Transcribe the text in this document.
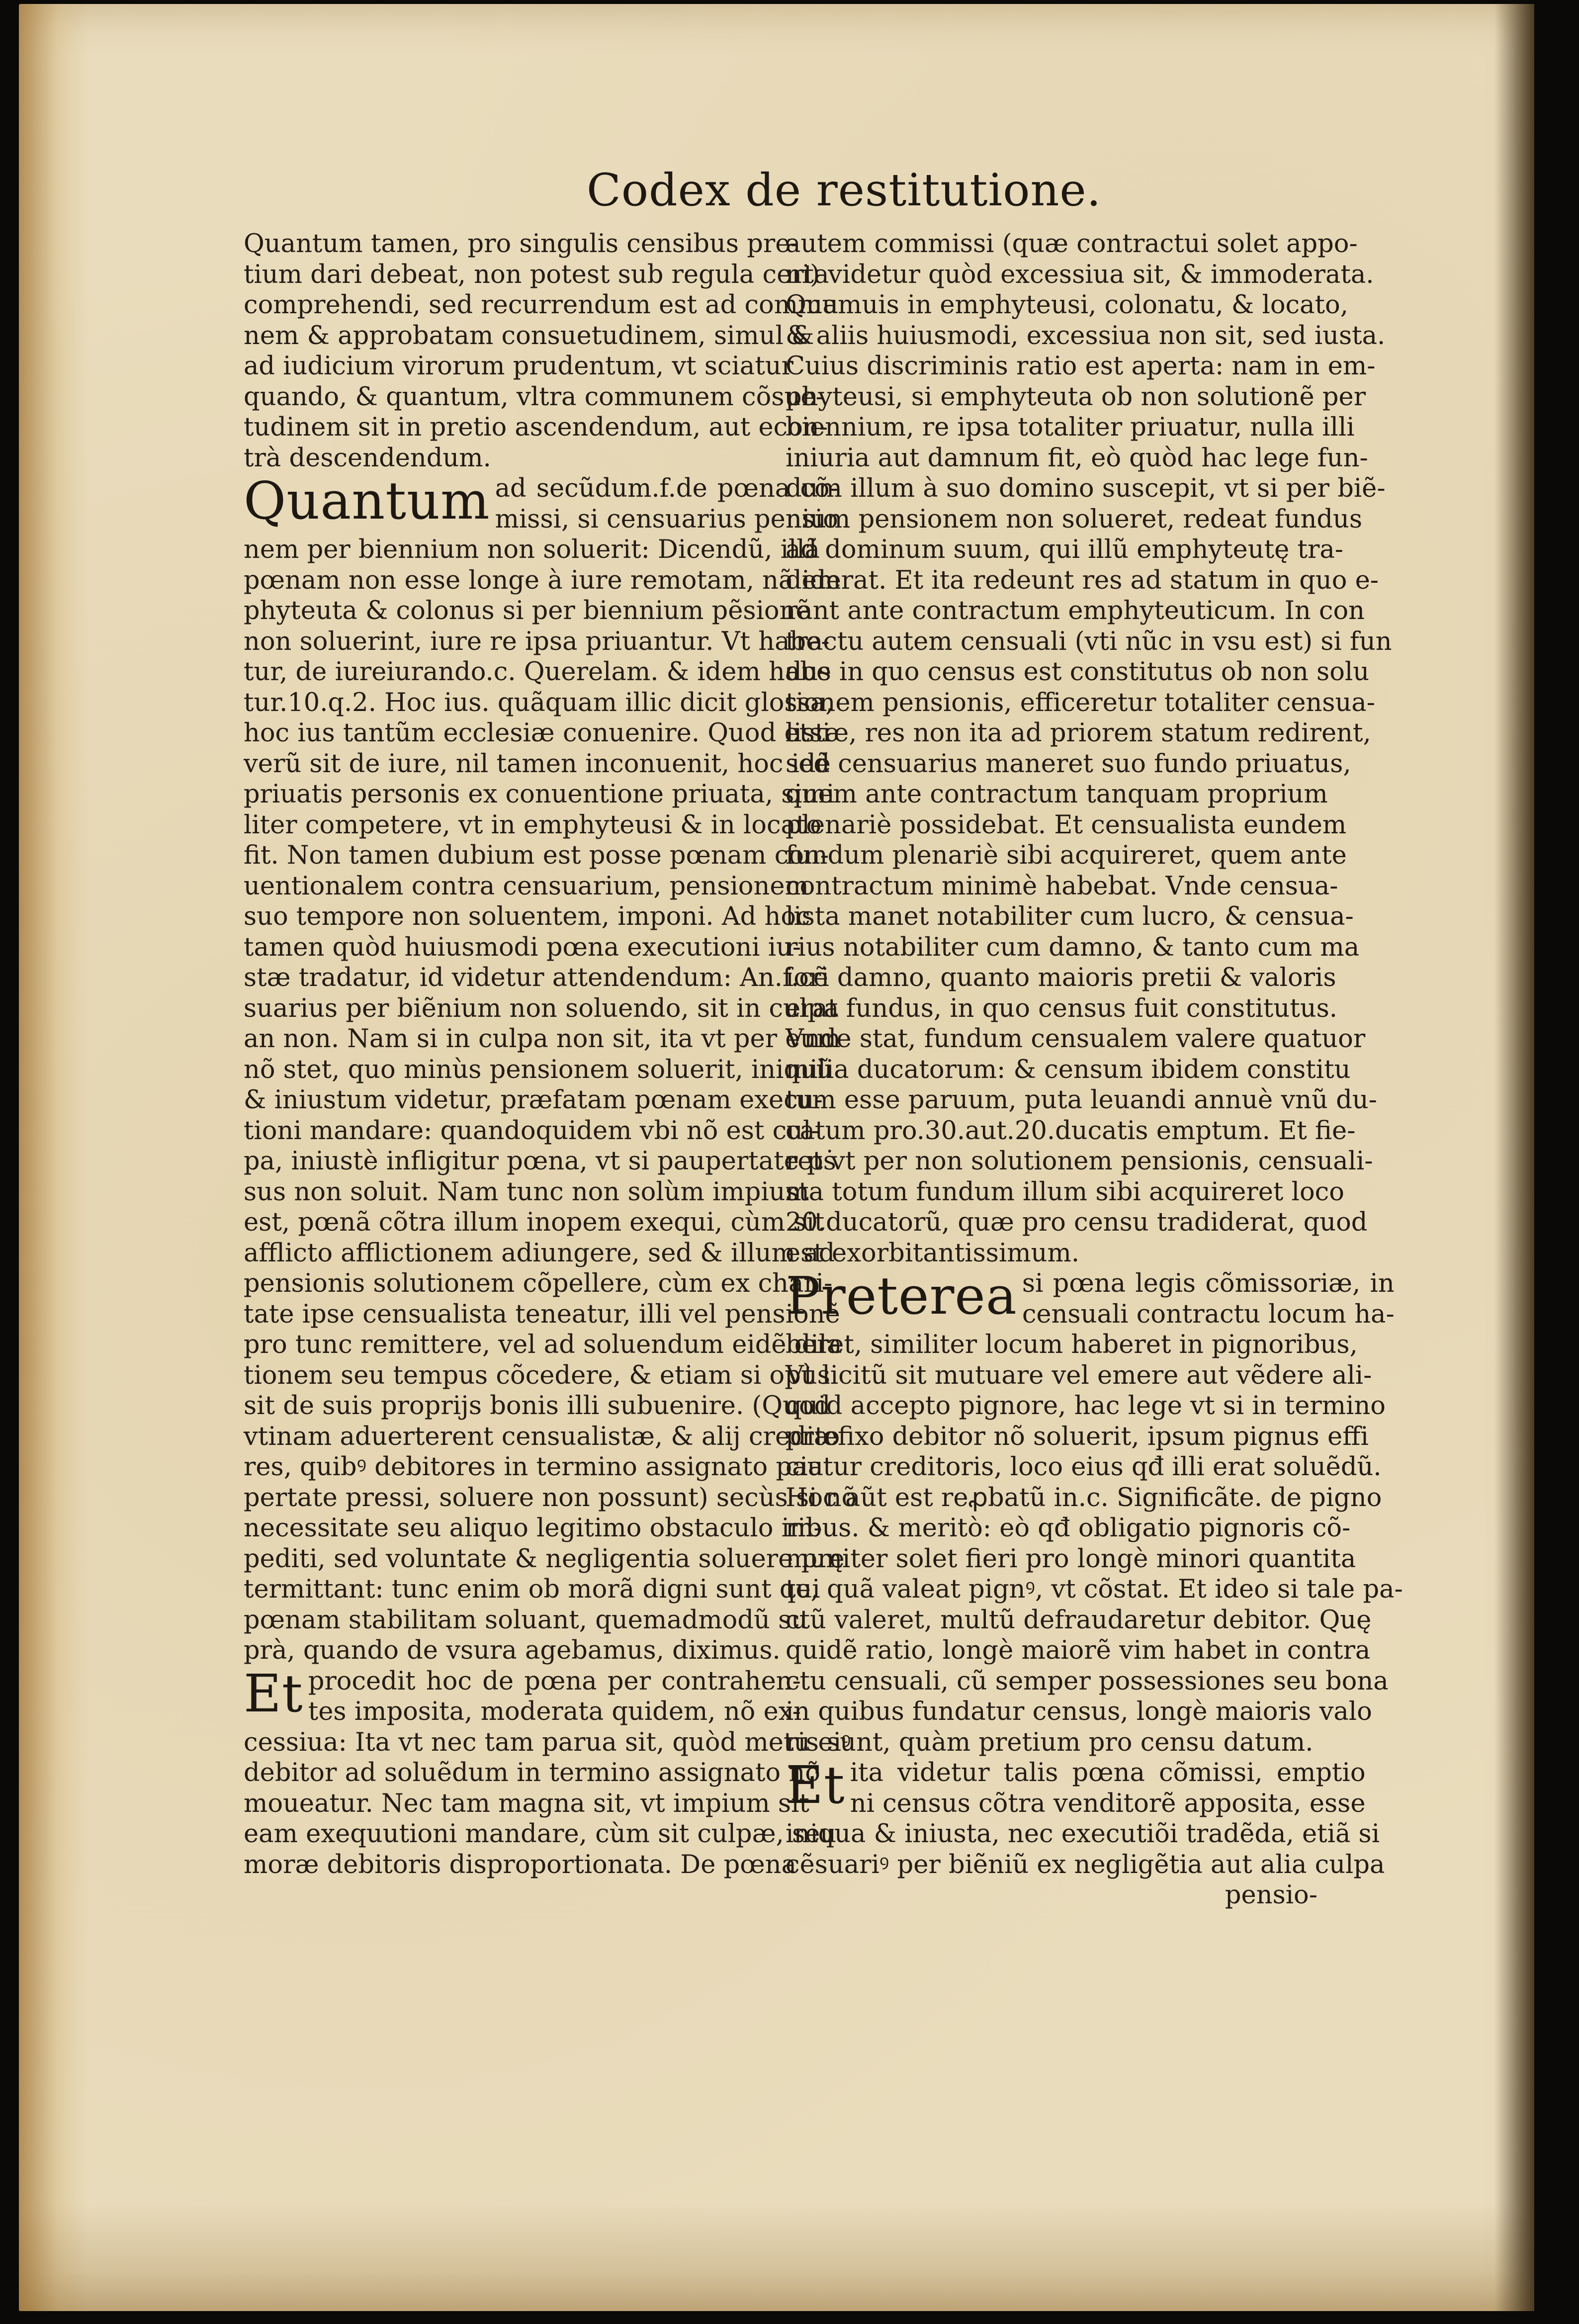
Codex de restitutione.
Quantum tamen, pro singulis censibus pre-
tium dari debeat, non potest sub regula certa
comprehendi, sed recurrendum est ad commu
nem & approbatam consuetudinem, simul &
ad iudicium virorum prudentum, vt sciatur
quando, & quantum, vltra communem cõsue-
tudinem sit in pretio ascendendum, aut econ-
trà descendendum.
Quantum ad secũdum.f.de pœna cõ-
missi, si censuarius pensio
nem per biennium non soluerit: Dicendũ, illã
pœnam non esse longe à iure remotam, nã em
phyteuta & colonus si per biennium pẽsionẽ
non soluerint, iure re ipsa priuantur. Vt habe-
tur, de iureiurando.c. Querelam. & idem habe
tur.10.q.2. Hoc ius. quãquam illic dicit glossa,
hoc ius tantũm ecclesiæ conuenire. Quod etsi
verũ sit de iure, nil tamen inconuenit, hoc idẽ
priuatis personis ex conuentione priuata, simi
liter competere, vt in emphyteusi & in locato
fit. Non tamen dubium est posse pœnam con-
uentionalem contra censuarium, pensionem
suo tempore non soluentem, imponi. Ad hoc
tamen quòd huiusmodi pœna executioni iu-
stæ tradatur, id videtur attendendum: An.f.cẽ
suarius per biẽnium non soluendo, sit in culpa
an non. Nam si in culpa non sit, ita vt per eum
nõ stet, quo minùs pensionem soluerit, iniquũ
& iniustum videtur, præfatam pœnam execu-
tioni mandare: quandoquidem vbi nõ est cul-
pa, iniustè infligitur pœna, vt si paupertate pṡ
sus non soluit. Nam tunc non solùm impium
est, pœnã cõtra illum inopem exequi, cùm sit
afflicto afflictionem adiungere, sed & illum ad
pensionis solutionem cõpellere, cùm ex chari-
tate ipse censualista teneatur, illi vel pensionẽ
pro tunc remittere, vel ad soluendum eidẽ dila
tionem seu tempus cõcedere, & etiam si opùs
sit de suis proprijs bonis illi subuenire. (Quod
vtinam aduerterent censualistæ, & alij credito
res, quibꝰ debitores in termino assignato pau
pertate pressi, soluere non possunt) secùs si nõ
necessitate seu aliquo legitimo obstaculo im-
pediti, sed voluntate & negligentia soluere prę
termittant: tunc enim ob morã digni sunt qui
pœnam stabilitam soluant, quemadmodũ su
prà, quando de vsura agebamus, diximus.
Et procedit hoc de pœna per contrahen-
tes imposita, moderata quidem, nõ ex-
cessiua: Ita vt nec tam parua sit, quòd metu eiꝰ
debitor ad soluẽdum in termino assignato nõ
moueatur. Nec tam magna sit, vt impium sit
eam exequutioni mandare, cùm sit culpæ, seu
moræ debitoris disproportionata. De pœna
autem commissi (quæ contractui solet appo-
ni) videtur quòd excessiua sit, & immoderata.
Quamuis in emphyteusi, colonatu, & locato,
& aliis huiusmodi, excessiua non sit, sed iusta.
Cuius discriminis ratio est aperta: nam in em-
phyteusi, si emphyteuta ob non solutionẽ per
biennium, re ipsa totaliter priuatur, nulla illi
iniuria aut damnum fit, eò quòd hac lege fun-
dum illum à suo domino suscepit, vt si per biẽ-
nium pensionem non solueret, redeat fundus
ad dominum suum, qui illũ emphyteutę tra-
diderat. Et ita redeunt res ad statum in quo e-
rant ante contractum emphyteuticum. In con
tractu autem censuali (vti nũc in vsu est) si fun
dus in quo census est constitutus ob non solu
tionem pensionis, efficeretur totaliter censua-
listæ, res non ita ad priorem statum redirent,
sed censuarius maneret suo fundo priuatus,
quem ante contractum tanquam proprium
plenariè possidebat. Et censualista eundem
fundum plenariè sibi acquireret, quem ante
contractum minimè habebat. Vnde censua-
lista manet notabiliter cum lucro, & censua-
rius notabiliter cum damno, & tanto cum ma
iori damno, quanto maioris pretii & valoris
erat fundus, in quo census fuit constitutus.
Vnde stat, fundum censualem valere quatuor
milia ducatorum: & censum ibidem constitu
tum esse paruum, puta leuandi annuè vnũ du-
catum pro.30.aut.20.ducatis emptum. Et fie-
ret vt per non solutionem pensionis, censuali-
sta totum fundum illum sibi acquireret loco
20.ducatorũ, quæ pro censu tradiderat, quod
est exorbitantissimum.
Preterea si pœna legis cõmissoriæ, in
censuali contractu locum ha-
beret, similiter locum haberet in pignoribus,
Vt licitũ sit mutuare vel emere aut vẽdere ali-
quid accepto pignore, hac lege vt si in termino
præfixo debitor nõ soluerit, ipsum pignus effi
ciatur creditoris, loco eius qđ illi erat soluẽdũ.
Hoc aũt est reꝓbatũ in.c. Significãte. de pigno
ribus. & meritò: eò qđ obligatio pignoris cõ-
muniter solet fieri pro longè minori quantita
te, quã valeat pignꝰ, vt cõstat. Et ideo si tale pa-
ctũ valeret, multũ defraudaretur debitor. Quę
quidẽ ratio, longè maiorẽ vim habet in contra
ctu censuali, cũ semper possessiones seu bona
in quibus fundatur census, longè maioris valo
ris sunt, quàm pretium pro censu datum.
Et ita videtur talis pœna cõmissi, emptio
ni census cõtra venditorẽ apposita, esse
iniqua & iniusta, nec executiõi tradẽda, etiã si
cẽsuariꝰ per biẽniũ ex negligẽtia aut alia culpa
pensio-
